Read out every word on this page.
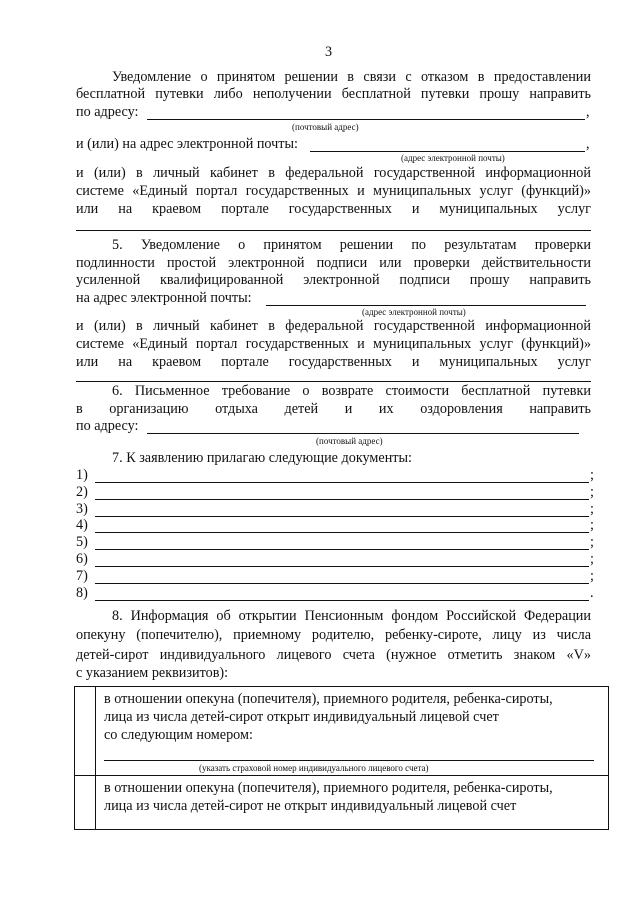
3
Уведомление о принятом решении в связи с отказом в предоставлении
бесплатной путевки либо неполучении бесплатной путевки прошу направить
по адресу:	,
(почтовый адрес)
и (или) на адрес электронной почты:	,
(адрес электронной почты)
и (или) в личный кабинет в федеральной государственной информационной
системе «Единый портал государственных и муниципальных услуг (функций)»
или на краевом портале государственных и муниципальных услуг
5. Уведомление о принятом решении по результатам проверки
подлинности простой электронной подписи или проверки действительности
усиленной квалифицированной электронной подписи прошу направить
на адрес электронной почты:
(адрес электронной почты)
и (или) в личный кабинет в федеральной государственной информационной
системе «Единый портал государственных и муниципальных услуг (функций)»
или на краевом портале государственных и муниципальных услуг
6. Письменное требование о возврате стоимости бесплатной путевки
в организацию отдыха детей и их оздоровления направить
по адресу:
(почтовый адрес)
7. К заявлению прилагаю следующие документы:
1)	;
2)	;
3)	;
4)	;
5)	;
6)	;
7)	;
8)	.
8. Информация об открытии Пенсионным фондом Российской Федерации
опекуну (попечителю), приемному родителю, ребенку-сироте, лицу из числа
детей-сирот индивидуального лицевого счета (нужное отметить знаком «V»
с указанием реквизитов):

	в отношении опекуна (попечителя), приемного родителя, ребенка-сироты,
лица из числа детей-сирот открыт индивидуальный лицевой счет
со следующим номером:
(указать страховой номер индивидуального лицевого счета)

	в отношении опекуна (попечителя), приемного родителя, ребенка-сироты,
лица из числа детей-сирот не открыт индивидуальный лицевой счет
